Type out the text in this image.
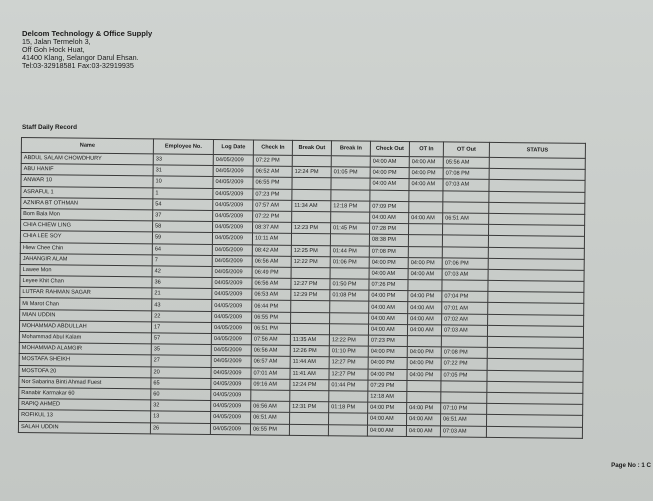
Delcom Technology & Office Supply
15, Jalan Termeloh 3,
Off Goh Hock Huat,
41400 Klang, Selangor Darul Ehsan.
Tel:03-32918581 Fax:03-32919935
Staff Daily Record
Name	Employee No.	Log Date	Check In	Break Out	Break In	Check Out	OT In	OT Out	STATUS
ABDUL SALAM CHOWDHURY	33	04/05/2009	07:22 PM			04:00 AM	04:00 AM	05:56 AM	
ABU HANIF	31	04/05/2009	06:52 AM	12:24 PM	01:05 PM	04:00 PM	04:00 PM	07:08 PM	
ANWAR 10	10	04/05/2009	06:55 PM			04:00 AM	04:00 AM	07:03 AM	
ASRAFUL 1	1	04/05/2009	07:23 PM						
AZNIRA BT OTHMAN	54	04/05/2009	07:57 AM	11:34 AM	12:18 PM	07:09 PM			
Bom Bala Mon	37	04/05/2009	07:22 PM			04:00 AM	04:00 AM	06:51 AM	
CHIA CHIEW LING	58	04/05/2009	08:37 AM	12:23 PM	01:45 PM	07:28 PM			
CHIA LEE SOY	59	04/05/2009	10:11 AM			08:38 PM			
Hiew Chee Chin	64	04/05/2009	08:42 AM	12:25 PM	01:44 PM	07:08 PM			
JAHANGIR ALAM	7	04/05/2009	06:56 AM	12:22 PM	01:06 PM	04:00 PM	04:00 PM	07:06 PM	
Lawee Mon	42	04/05/2009	06:49 PM			04:00 AM	04:00 AM	07:03 AM	
Leyee Khit Chan	36	04/05/2009	06:56 AM	12:27 PM	01:50 PM	07:26 PM			
LUTFAR RAHMAN SAGAR	21	04/05/2009	06:53 AM	12:29 PM	01:08 PM	04:00 PM	04:00 PM	07:04 PM	
Mi Marot Chan	43	04/05/2009	06:44 PM			04:00 AM	04:00 AM	07:01 AM	
MIAN UDDIN	22	04/05/2009	06:55 PM			04:00 AM	04:00 AM	07:02 AM	
MOHAMMAD ABDULLAH	17	04/05/2009	06:51 PM			04:00 AM	04:00 AM	07:03 AM	
Mohammad Abul Kalam	57	04/05/2009	07:56 AM	11:35 AM	12:22 PM	07:23 PM			
MOHAMMAD ALAMGIR	35	04/05/2009	06:56 AM	12:26 PM	01:10 PM	04:00 PM	04:00 PM	07:08 PM	
MOSTAFA SHEIKH	27	04/05/2009	06:57 AM	11:44 AM	12:27 PM	04:00 PM	04:00 PM	07:22 PM	
MOSTOFA 20	20	04/05/2009	07:01 AM	11:41 AM	12:27 PM	04:00 PM	04:00 PM	07:05 PM	
Nor Sabarina Binti Ahmad Fuest	65	04/05/2009	09:16 AM	12:24 PM	01:44 PM	07:29 PM			
Ranabir Karmakar 60	60	04/05/2009				12:18 AM			
RAPIQ AHMED	32	04/05/2009	06:56 AM	12:31 PM	01:18 PM	04:00 PM	04:00 PM	07:10 PM	
ROFIKUL 13	13	04/05/2009	06:51 AM			04:00 AM	04:00 AM	06:51 AM	
SALAH UDDIN	26	04/05/2009	06:55 PM			04:00 AM	04:00 AM	07:03 AM	
Page No : 1 C
